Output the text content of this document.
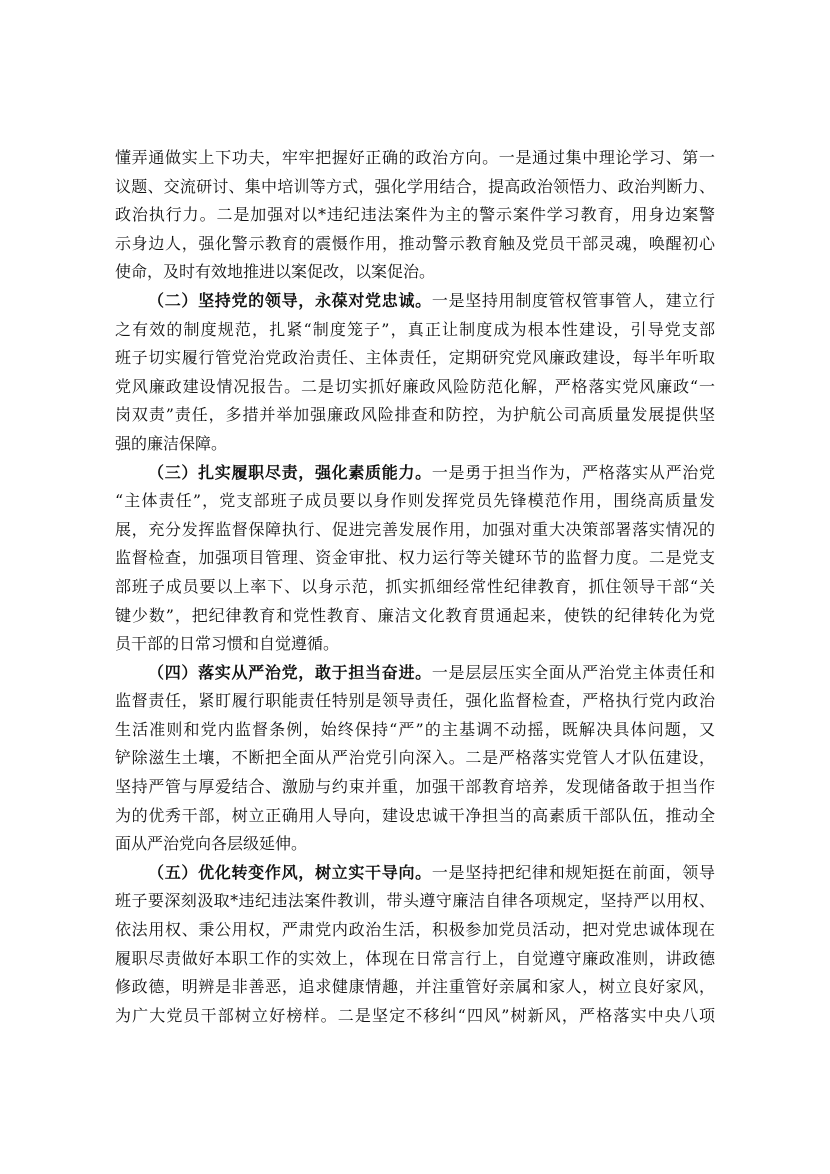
懂弄通做实上下功夫，牢牢把握好正确的政治方向。一是通过集中理论学习、第一
议题、交流研讨、集中培训等方式，强化学用结合，提高政治领悟力、政治判断力、
政治执行力。二是加强对以*违纪违法案件为主的警示案件学习教育，用身边案警
示身边人，强化警示教育的震慑作用，推动警示教育触及党员干部灵魂，唤醒初心
使命，及时有效地推进以案促改，以案促治。
（二）坚持党的领导，永葆对党忠诚。一是坚持用制度管权管事管人，建立行
之有效的制度规范，扎紧“制度笼子”，真正让制度成为根本性建设，引导党支部
班子切实履行管党治党政治责任、主体责任，定期研究党风廉政建设，每半年听取
党风廉政建设情况报告。二是切实抓好廉政风险防范化解，严格落实党风廉政“一
岗双责”责任，多措并举加强廉政风险排查和防控，为护航公司高质量发展提供坚
强的廉洁保障。
（三）扎实履职尽责，强化素质能力。一是勇于担当作为，严格落实从严治党
“主体责任”，党支部班子成员要以身作则发挥党员先锋模范作用，围绕高质量发
展，充分发挥监督保障执行、促进完善发展作用，加强对重大决策部署落实情况的
监督检查，加强项目管理、资金审批、权力运行等关键环节的监督力度。二是党支
部班子成员要以上率下、以身示范，抓实抓细经常性纪律教育，抓住领导干部“关
键少数”，把纪律教育和党性教育、廉洁文化教育贯通起来，使铁的纪律转化为党
员干部的日常习惯和自觉遵循。
（四）落实从严治党，敢于担当奋进。一是层层压实全面从严治党主体责任和
监督责任，紧盯履行职能责任特别是领导责任，强化监督检查，严格执行党内政治
生活准则和党内监督条例，始终保持“严”的主基调不动摇，既解决具体问题，又
铲除滋生土壤，不断把全面从严治党引向深入。二是严格落实党管人才队伍建设，
坚持严管与厚爱结合、激励与约束并重，加强干部教育培养，发现储备敢于担当作
为的优秀干部，树立正确用人导向，建设忠诚干净担当的高素质干部队伍，推动全
面从严治党向各层级延伸。
（五）优化转变作风，树立实干导向。一是坚持把纪律和规矩挺在前面，领导
班子要深刻汲取*违纪违法案件教训，带头遵守廉洁自律各项规定，坚持严以用权、
依法用权、秉公用权，严肃党内政治生活，积极参加党员活动，把对党忠诚体现在
履职尽责做好本职工作的实效上，体现在日常言行上，自觉遵守廉政准则，讲政德
修政德，明辨是非善恶，追求健康情趣，并注重管好亲属和家人，树立良好家风，
为广大党员干部树立好榜样。二是坚定不移纠“四风”树新风，严格落实中央八项
